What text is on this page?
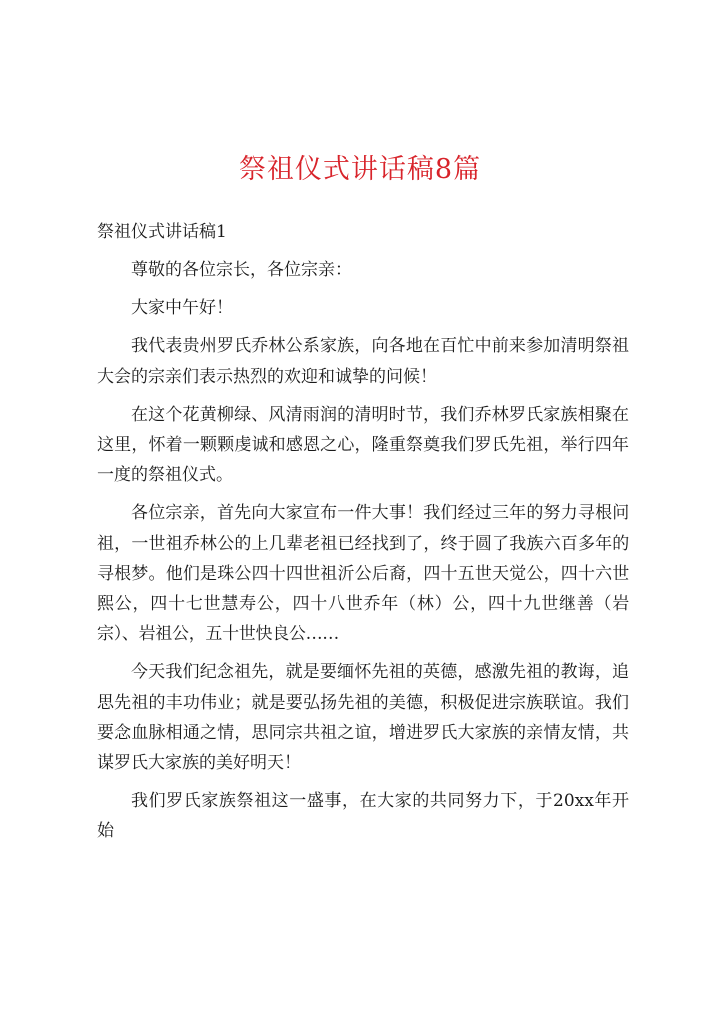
祭祖仪式讲话稿8篇
祭祖仪式讲话稿1

尊敬的各位宗长，各位宗亲：

大家中午好！

我代表贵州罗氏乔林公系家族，向各地在百忙中前来参加清明祭祖大会的宗亲们表示热烈的欢迎和诚挚的问候！

在这个花黄柳绿、风清雨润的清明时节，我们乔林罗氏家族相聚在这里，怀着一颗颗虔诚和感恩之心，隆重祭奠我们罗氏先祖，举行四年一度的祭祖仪式。

各位宗亲，首先向大家宣布一件大事！我们经过三年的努力寻根问祖，一世祖乔林公的上几辈老祖已经找到了，终于圆了我族六百多年的寻根梦。他们是珠公四十四世祖沂公后裔，四十五世天觉公，四十六世熙公，四十七世慧寿公，四十八世乔年（林）公，四十九世继善（岩宗）、岩祖公，五十世快良公……

今天我们纪念祖先，就是要缅怀先祖的英德，感激先祖的教诲，追思先祖的丰功伟业；就是要弘扬先祖的美德，积极促进宗族联谊。我们要念血脉相通之情，思同宗共祖之谊，增进罗氏大家族的亲情友情，共谋罗氏大家族的美好明天！

我们罗氏家族祭祖这一盛事，在大家的共同努力下，于20xx年开始
